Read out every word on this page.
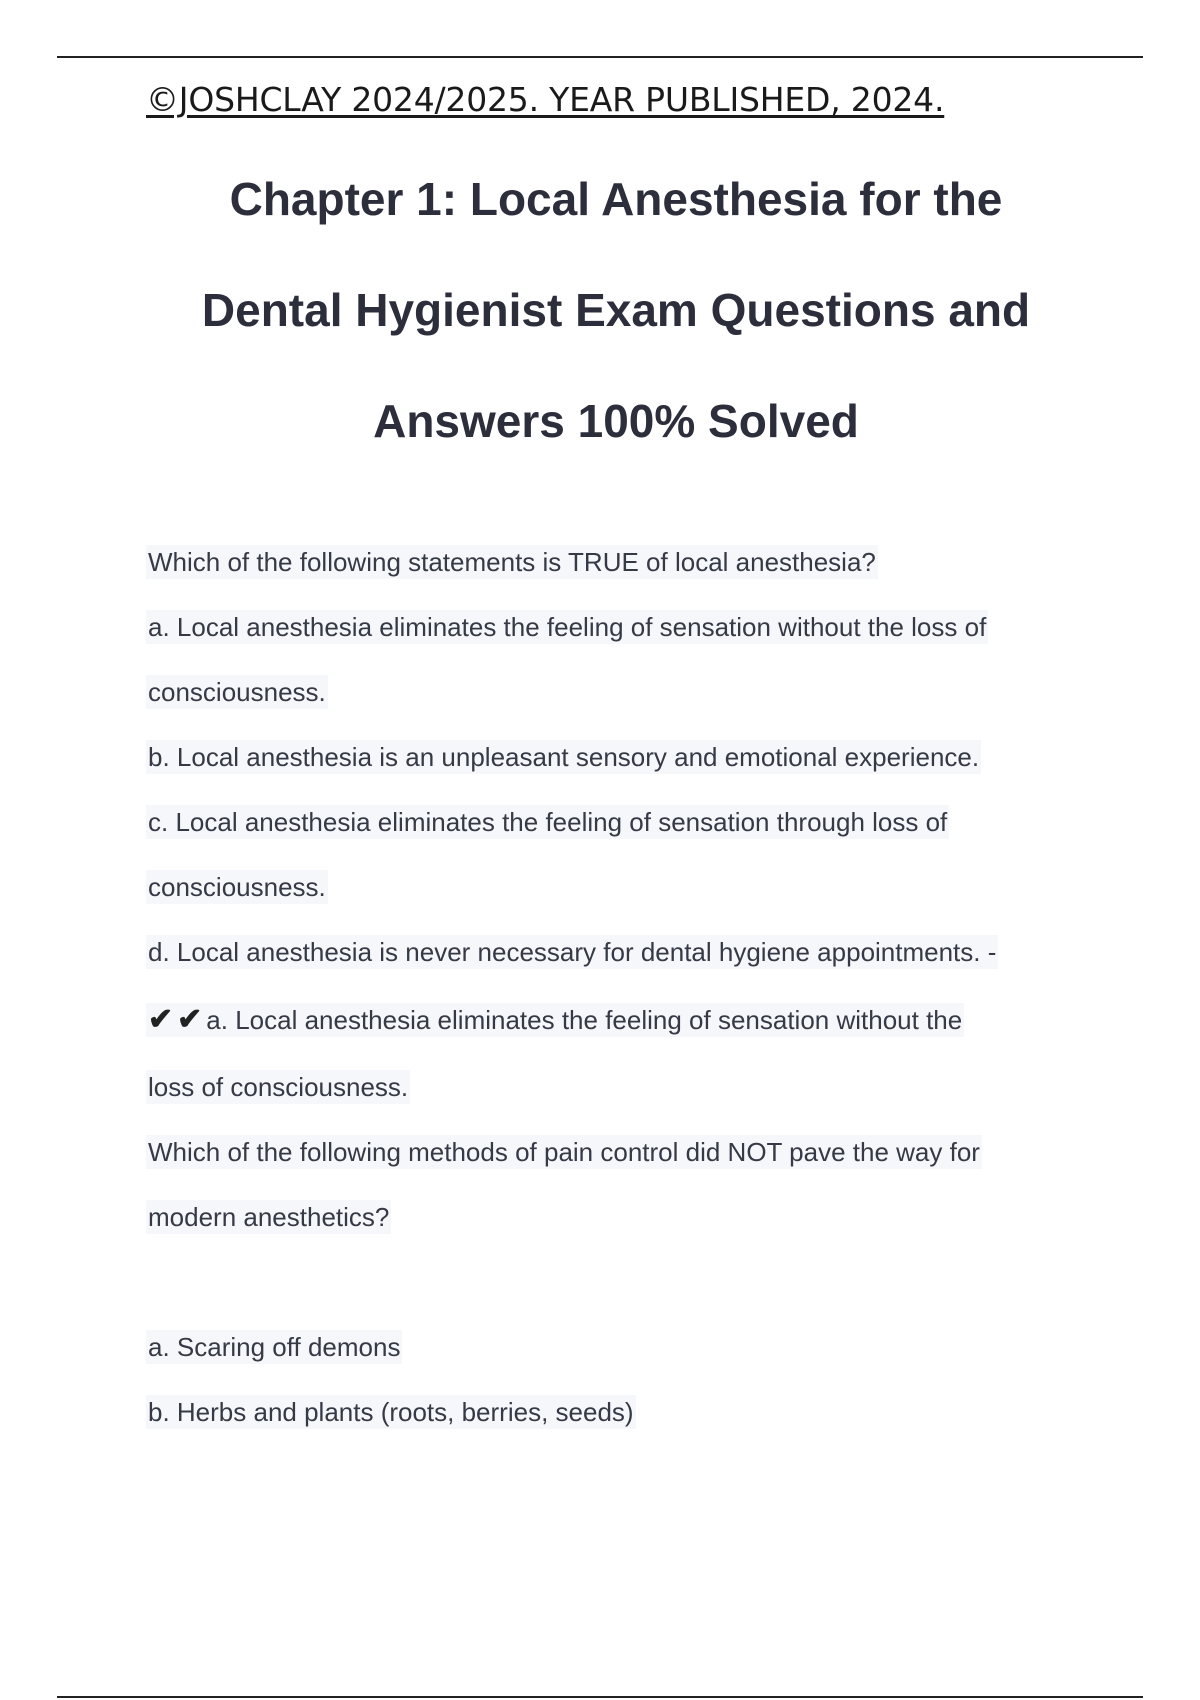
©JOSHCLAY 2024/2025. YEAR PUBLISHED, 2024.
Chapter 1: Local Anesthesia for the
Dental Hygienist Exam Questions and
Answers 100% Solved
Which of the following statements is TRUE of local anesthesia?
a. Local anesthesia eliminates the feeling of sensation without the loss of
consciousness.
b. Local anesthesia is an unpleasant sensory and emotional experience.
c. Local anesthesia eliminates the feeling of sensation through loss of
consciousness.
d. Local anesthesia is never necessary for dental hygiene appointments. -
✔✔a. Local anesthesia eliminates the feeling of sensation without the
loss of consciousness.
Which of the following methods of pain control did NOT pave the way for
modern anesthetics?
a. Scaring off demons
b. Herbs and plants (roots, berries, seeds)
